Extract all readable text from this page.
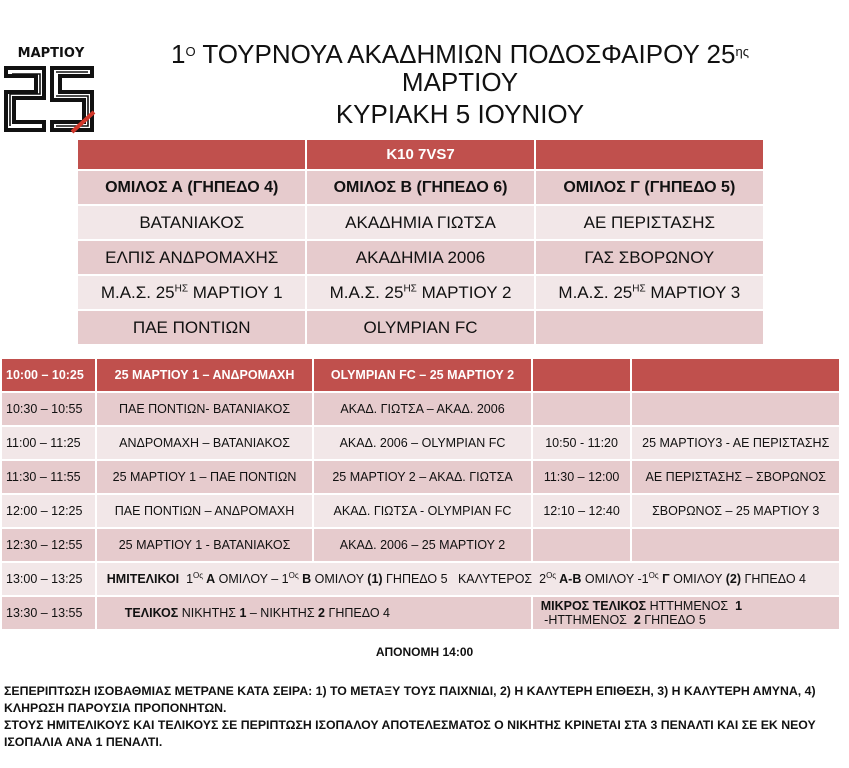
ΜΑΡΤΙΟΥ	$1^O$ ΤΟΥΡΝΟΥΑ ΑΚΑΔΗΜΙΩΝ ΠΟΔΟΣΦΑΙΡΟΥ $25^{\eta\varsigma}$
ΜΑΡΤΙΟΥ
ΚΥΡΙΑΚΗ 5 ΙΟΥΝΙΟΥ
	K10 7VS7	
ΟΜΙΛΟΣ Α (ΓΗΠΕΔΟ 4)	ΟΜΙΛΟΣ Β (ΓΗΠΕΔΟ 6)	ΟΜΙΛΟΣ Γ (ΓΗΠΕΔΟ 5)
ΒΑΤΑΝΙΑΚΟΣ	ΑΚΑΔΗΜΙΑ ΓΙΩΤΣΑ	ΑΕ ΠΕΡΙΣΤΑΣΗΣ
ΕΛΠΙΣ ΑΝΔΡΟΜΑΧΗΣ	ΑΚΑΔΗΜΙΑ 2006	ΓΑΣ ΣΒΟΡΩΝΟΥ
Μ.Α.Σ. $25^{H\Sigma}$ ΜΑΡΤΙΟΥ 1	Μ.Α.Σ. $25^{H\Sigma}$ ΜΑΡΤΙΟΥ 2	Μ.Α.Σ. $25^{H\Sigma}$ ΜΑΡΤΙΟΥ 3
ΠΑΕ ΠΟΝΤΙΩΝ	OLYMPIAN FC	
10:00 – 10:25	25 ΜΑΡΤΙΟΥ 1 – ΑΝΔΡΟΜΑΧΗ	OLYMPIAN FC – 25 ΜΑΡΤΙΟΥ 2		
10:30 – 10:55	ΠΑΕ ΠΟΝΤΙΩΝ- ΒΑΤΑΝΙΑΚΟΣ	ΑΚΑΔ. ΓΙΩΤΣΑ – ΑΚΑΔ. 2006		
11:00 – 11:25	ΑΝΔΡΟΜΑΧΗ – ΒΑΤΑΝΙΑΚΟΣ	ΑΚΑΔ. 2006 – OLYMPIAN FC	10:50 - 11:20	25 ΜΑΡΤΙΟΥ3 - ΑΕ ΠΕΡΙΣΤΑΣΗΣ
11:30 – 11:55	25 ΜΑΡΤΙΟΥ 1 – ΠΑΕ ΠΟΝΤΙΩΝ	25 ΜΑΡΤΙΟΥ 2 – ΑΚΑΔ. ΓΙΩΤΣΑ	11:30 – 12:00	ΑΕ ΠΕΡΙΣΤΑΣΗΣ – ΣΒΟΡΩΝΟΣ
12:00 – 12:25	ΠΑΕ ΠΟΝΤΙΩΝ – ΑΝΔΡΟΜΑΧΗ	ΑΚΑΔ. ΓΙΩΤΣΑ - OLYMPIAN FC	12:10 – 12:40	ΣΒΟΡΩΝΟΣ – 25 ΜΑΡΤΙΟΥ 3
12:30 – 12:55	25 ΜΑΡΤΙΟΥ 1 - ΒΑΤΑΝΙΑΚΟΣ	ΑΚΑΔ. 2006 – 25 ΜΑΡΤΙΟΥ 2		
13:00 – 13:25	ΗΜΙΤΕΛΙΚΟΙ $1^{O\varsigma}$ Α ΟΜΙΛΟΥ – $1^{O\varsigma}$ Β ΟΜΙΛΟΥ (1) ΓΗΠΕΔΟ 5   ΚΑΛΥΤΕΡΟΣ  $2^{O\varsigma}$ Α-Β ΟΜΙΛΟΥ $-1^{O\varsigma}$ Γ ΟΜΙΛΟΥ (2) ΓΗΠΕΔΟ 4			
13:30 – 13:55	ΤΕΛΙΚΟΣ ΝΙΚΗΤΗΣ 1 – ΝΙΚΗΤΗΣ 2 ΓΗΠΕΔΟ 4		ΜΙΚΡΟΣ ΤΕΛΙΚΟΣ ΗΤΤΗΜΕΝΟΣ  1 -ΗΤΤΗΜΕΝΟΣ  2 ΓΗΠΕΔΟ 5	
ΑΠΟΝΟΜΗ 14:00
ΣΕΠΕΡΙΠΤΩΣΗ ΙΣΟΒΑΘΜΙΑΣ ΜΕΤΡΑΝΕ ΚΑΤΑ ΣΕΙΡΑ: 1) ΤΟ ΜΕΤΑΞΥ ΤΟΥΣ ΠΑΙΧΝΙΔΙ, 2) Η ΚΑΛΥΤΕΡΗ ΕΠΙΘΕΣΗ, 3) Η ΚΑΛΥΤΕΡΗ ΑΜΥΝΑ, 4) ΚΛΗΡΩΣΗ ΠΑΡΟΥΣΙΑ ΠΡΟΠΟΝΗΤΩΝ.
ΣΤΟΥΣ ΗΜΙΤΕΛΙΚΟΥΣ ΚΑΙ ΤΕΛΙΚΟΥΣ ΣΕ ΠΕΡΙΠΤΩΣΗ ΙΣΟΠΑΛΟΥ ΑΠΟΤΕΛΕΣΜΑΤΟΣ Ο ΝΙΚΗΤΗΣ ΚΡΙΝΕΤΑΙ ΣΤΑ 3 ΠΕΝΑΛΤΙ ΚΑΙ ΣΕ ΕΚ ΝΕΟΥ ΙΣΟΠΑΛΙΑ ΑΝΑ 1 ΠΕΝΑΛΤΙ.
